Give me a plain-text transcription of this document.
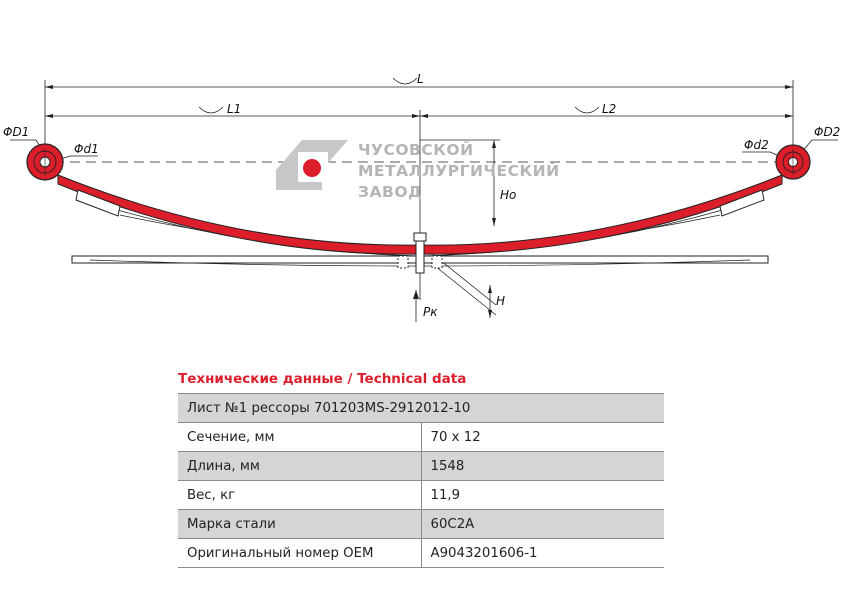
ЧУСОВСКОЙ
МЕТАЛЛУРГИЧЕСКИЙ
ЗАВОД
L
L1	L2
ΦD1
Φd1	Φd2
ΦD2
Ho
H
Pк
Технические данные / Technical data
Лист №1 рессоры 701203MS-2912012-10	
Сечение, мм	70 x 12
Длина, мм	1548
Вес, кг	11,9
Марка стали	60С2А
Оригинальный номер OEM	A9043201606-1
